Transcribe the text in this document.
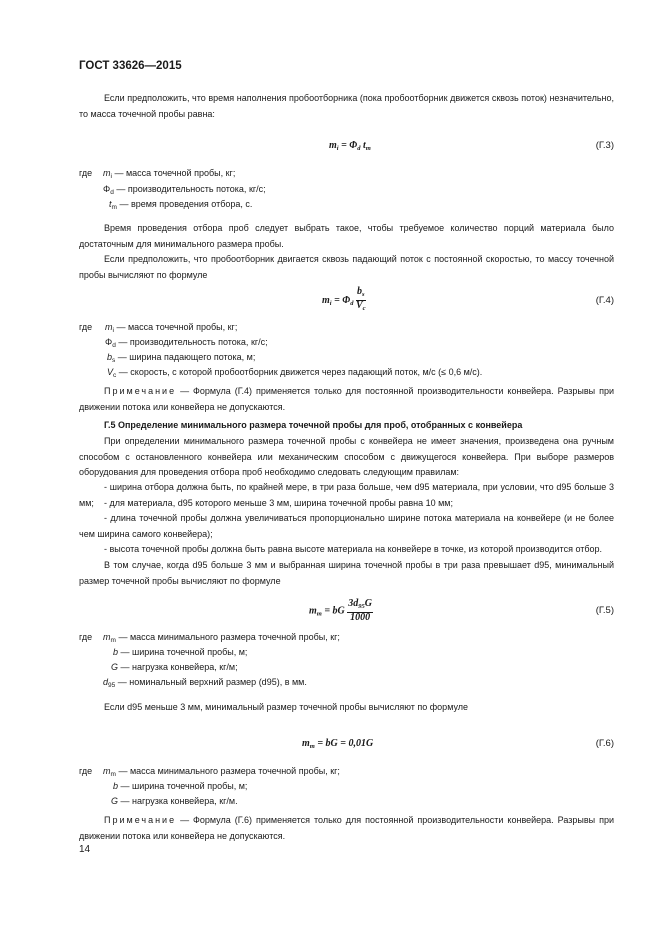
ГОСТ 33626—2015
Если предположить, что время наполнения пробоотборника (пока пробоотборник движется сквозь поток) незначительно, то масса точечной пробы равна:
$m_i = \Phi_d$ $t_m$	(Г.3)
где $m_i$ — масса точечной пробы, кг;
$\Phi_d$ — производительность потока, кг/с;
$t_m$ — время проведения отбора, с.
Время проведения отбора проб следует выбрать такое, чтобы требуемое количество порций материала было достаточным для минимального размера пробы.
Если предположить, что пробоотборник двигается сквозь падающий поток с постоянной скоростью, то массу точечной пробы вычисляют по формуле
$m_i = \Phi_d \frac{b_s}{V_c}$	(Г.4)
где $m_i$ — масса точечной пробы, кг;
$\Phi_d$ — производительность потока, кг/с;
$b_s$ — ширина падающего потока, м;
$V_c$ — скорость, с которой пробоотборник движется через падающий поток, м/с (≤ 0,6 м/с).
Примечание — Формула (Г.4) применяется только для постоянной производительности конвейера. Разрывы при движении потока или конвейера не допускаются.
Г.5 Определение минимального размера точечной пробы для проб, отобранных с конвейера
При определении минимального размера точечной пробы с конвейера не имеет значения, произведена она ручным способом с остановленного конвейера или механическим способом с движущегося конвейера. При выборе размеров оборудования для проведения отбора проб необходимо следовать следующим правилам:
- ширина отбора должна быть, по крайней мере, в три раза больше, чем d95 материала, при условии, что d95 больше 3 мм;	- для материала, d95 которого меньше 3 мм, ширина точечной пробы равна 10 мм;
- длина точечной пробы должна увеличиваться пропорционально ширине потока материала на конвейере (и не более чем ширина самого конвейера);
- высота точечной пробы должна быть равна высоте материала на конвейере в точке, из которой производится отбор.
В том случае, когда d95 больше 3 мм и выбранная ширина точечной пробы в три раза превышает d95, минимальный размер точечной пробы вычисляют по формуле
$m_m$ = bG $\frac{3d_{95}G}{1000}$	(Г.5)
где $m_m$ — масса минимального размера точечной пробы, кг;
b — ширина точечной пробы, м;
G — нагрузка конвейера, кг/м;
$d_{95}$ — номинальный верхний размер (d95), в мм.
Если d95 меньше 3 мм, минимальный размер точечной пробы вычисляют по формуле
$m_m$ = bG = 0,01G	(Г.6)
где $m_m$ — масса минимального размера точечной пробы, кг;
b — ширина точечной пробы, м;
G — нагрузка конвейера, кг/м.
Примечание — Формула (Г.6) применяется только для постоянной производительности конвейера. Разрывы при движении потока или конвейера не допускаются.
14
